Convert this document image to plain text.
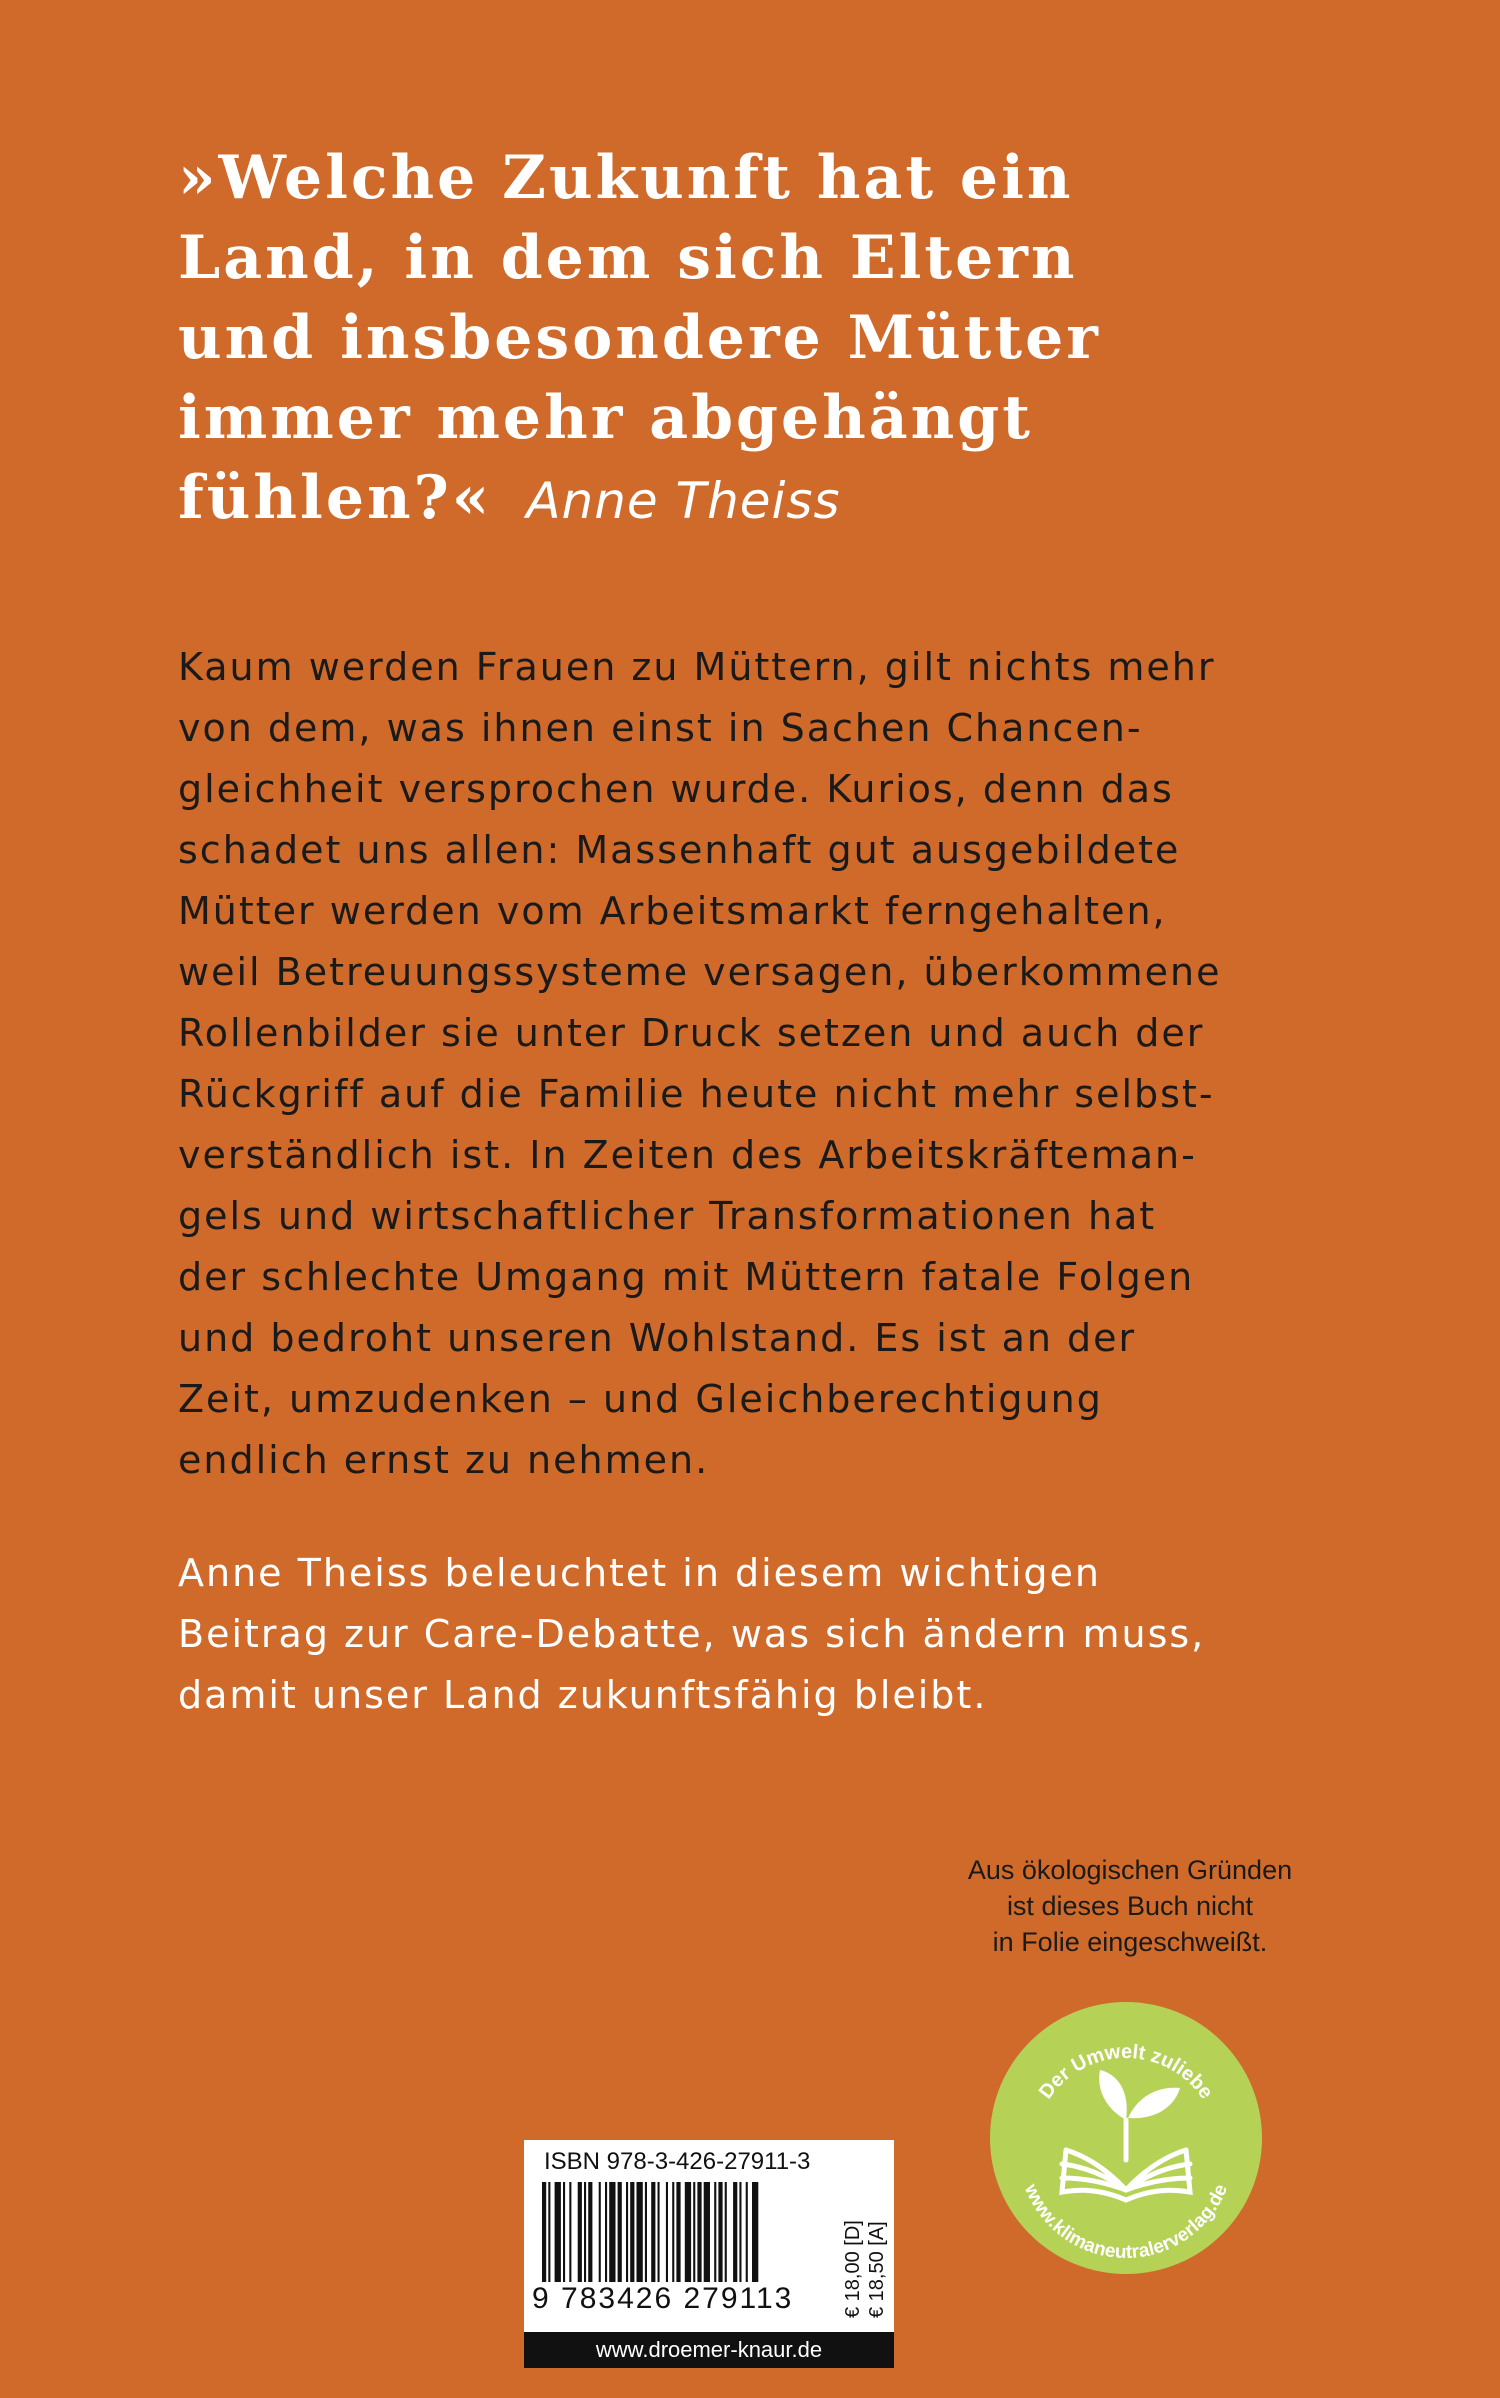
»Welche Zukunft hat ein
Land, in dem sich Eltern
und insbesondere Mütter
immer mehr abgehängt
fühlen?« Anne Theiss
Kaum werden Frauen zu Müttern, gilt nichts mehr
von dem, was ihnen einst in Sachen Chancen-
gleichheit versprochen wurde. Kurios, denn das
schadet uns allen: Massenhaft gut ausgebildete
Mütter werden vom Arbeitsmarkt ferngehalten,
weil Betreuungssysteme versagen, überkommene
Rollenbilder sie unter Druck setzen und auch der
Rückgriff auf die Familie heute nicht mehr selbst-
verständlich ist. In Zeiten des Arbeitskräfteman-
gels und wirtschaftlicher Transformationen hat
der schlechte Umgang mit Müttern fatale Folgen
und bedroht unseren Wohlstand. Es ist an der
Zeit, umzudenken – und Gleichberechtigung
endlich ernst zu nehmen.
Anne Theiss beleuchtet in diesem wichtigen
Beitrag zur Care-Debatte, was sich ändern muss,
damit unser Land zukunftsfähig bleibt.
Aus ökologischen Gründen
ist dieses Buch nicht
in Folie eingeschweißt.
Der Umwelt zuliebe
www.klimaneutralerverlag.de
ISBN 978-3-426-27911-3
9 783426 279113 € 18,00 [D] € 18,50 [A]
www.droemer-knaur.de
